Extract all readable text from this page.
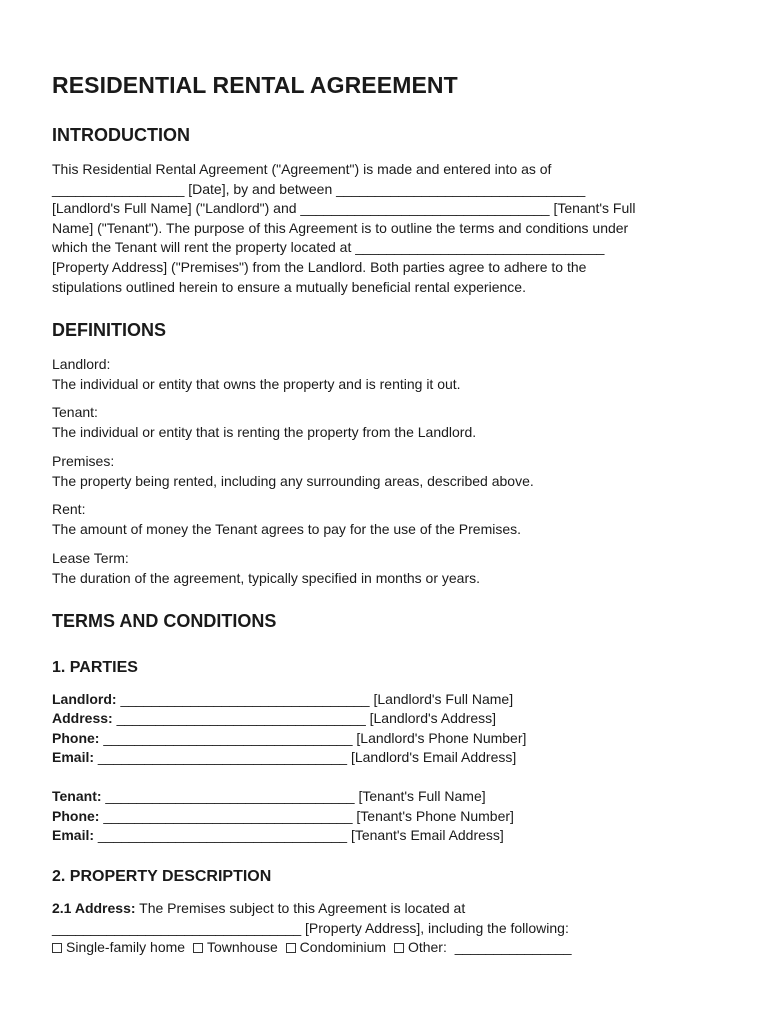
RESIDENTIAL RENTAL AGREEMENT
INTRODUCTION
This Residential Rental Agreement ("Agreement") is made and entered into as of
_________________ [Date], by and between ________________________________
[Landlord's Full Name] ("Landlord") and ________________________________ [Tenant's Full
Name] ("Tenant"). The purpose of this Agreement is to outline the terms and conditions under
which the Tenant will rent the property located at ________________________________
[Property Address] ("Premises") from the Landlord. Both parties agree to adhere to the
stipulations outlined herein to ensure a mutually beneficial rental experience.
DEFINITIONS
Landlord:
The individual or entity that owns the property and is renting it out.
Tenant:
The individual or entity that is renting the property from the Landlord.
Premises:
The property being rented, including any surrounding areas, described above.
Rent:
The amount of money the Tenant agrees to pay for the use of the Premises.
Lease Term:
The duration of the agreement, typically specified in months or years.
TERMS AND CONDITIONS
1. PARTIES
Landlord: ________________________________ [Landlord's Full Name]
Address: ________________________________ [Landlord's Address]
Phone: ________________________________ [Landlord's Phone Number]
Email: ________________________________ [Landlord's Email Address]
Tenant: ________________________________ [Tenant's Full Name]
Phone: ________________________________ [Tenant's Phone Number]
Email: ________________________________ [Tenant's Email Address]
2. PROPERTY DESCRIPTION
2.1 Address: The Premises subject to this Agreement is located at
________________________________ [Property Address], including the following:
Single-family home Townhouse Condominium Other: _______________
